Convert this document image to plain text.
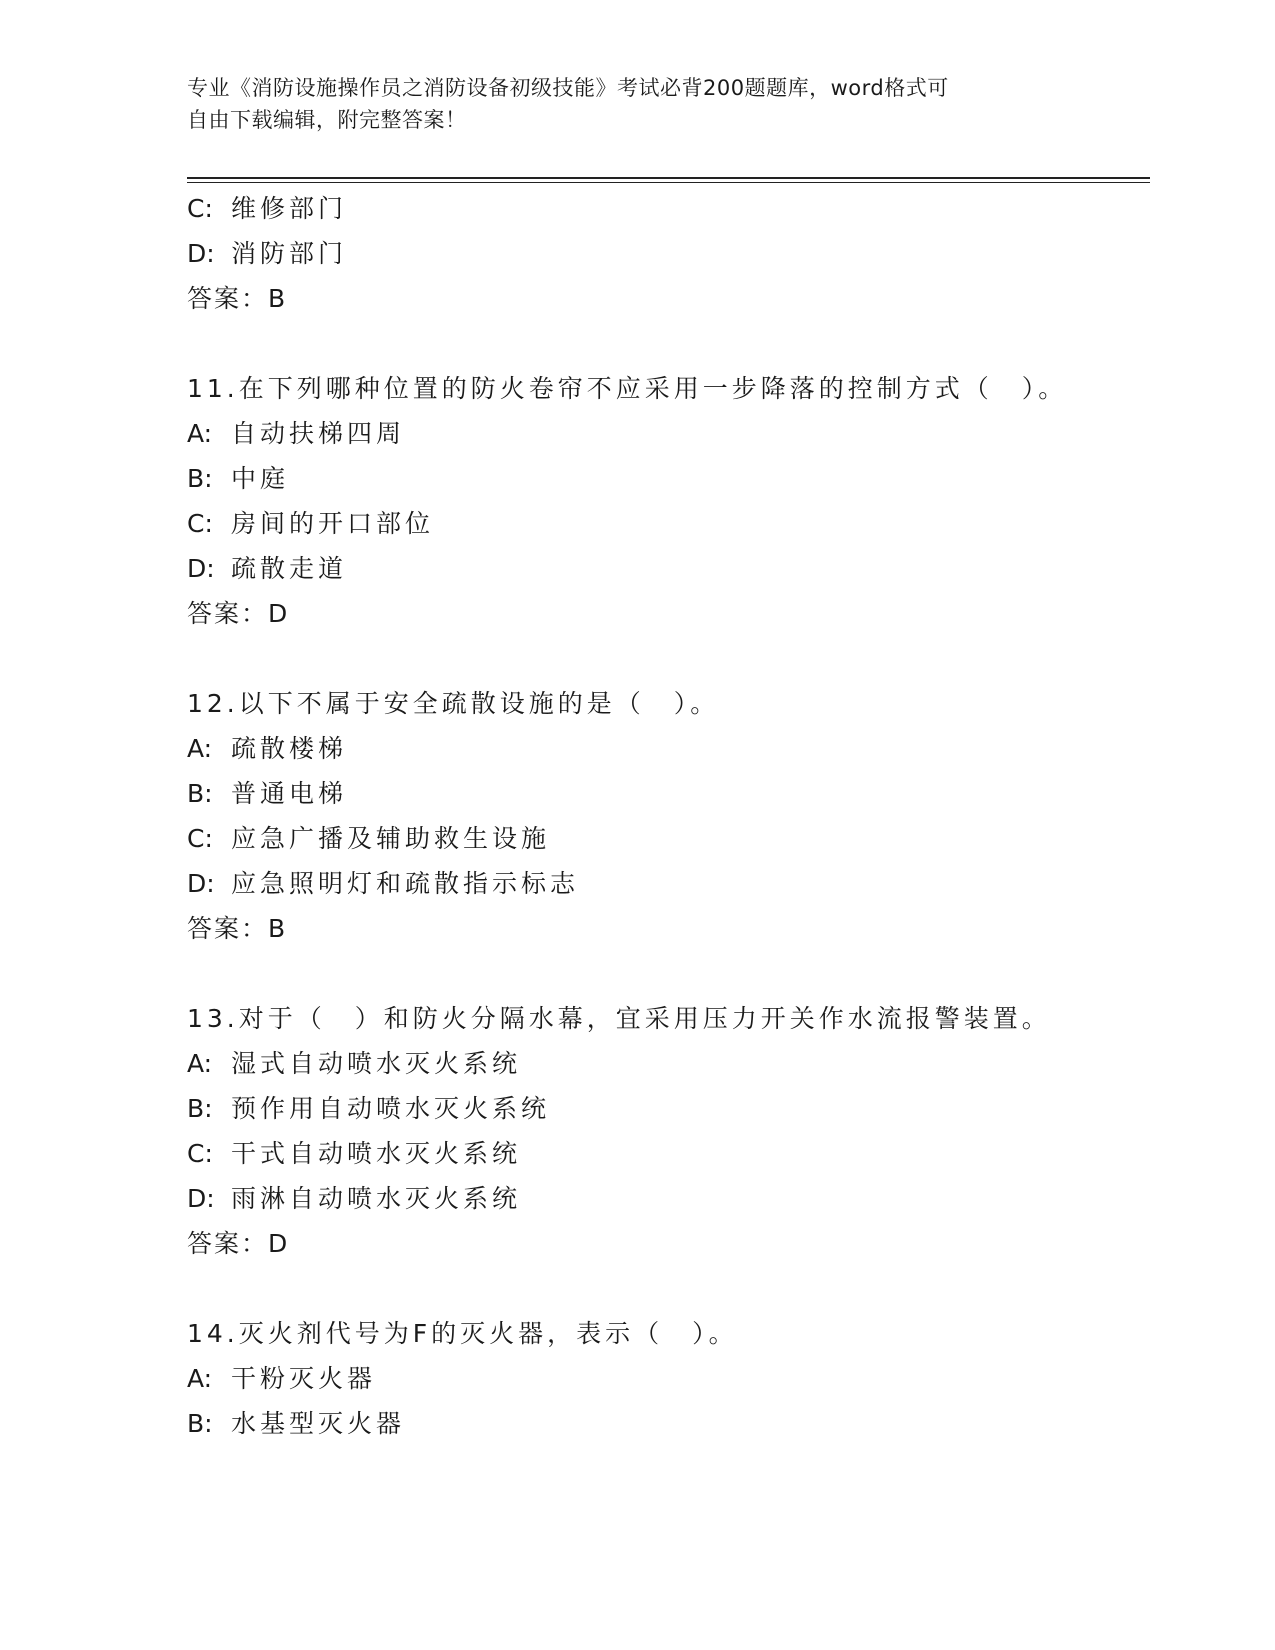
专业《消防设施操作员之消防设备初级技能》考试必背200题题库，word格式可
自由下载编辑，附完整答案！
C: 维修部门
D: 消防部门
答案：B
11.在下列哪种位置的防火卷帘不应采用一步降落的控制方式（　）。
A: 自动扶梯四周
B: 中庭
C: 房间的开口部位
D: 疏散走道
答案：D
12.以下不属于安全疏散设施的是（　）。
A: 疏散楼梯
B: 普通电梯
C: 应急广播及辅助救生设施
D: 应急照明灯和疏散指示标志
答案：B
13.对于（　）和防火分隔水幕，宜采用压力开关作水流报警装置。
A: 湿式自动喷水灭火系统
B: 预作用自动喷水灭火系统
C: 干式自动喷水灭火系统
D: 雨淋自动喷水灭火系统
答案：D
14.灭火剂代号为F的灭火器，表示（　）。
A: 干粉灭火器
B: 水基型灭火器
